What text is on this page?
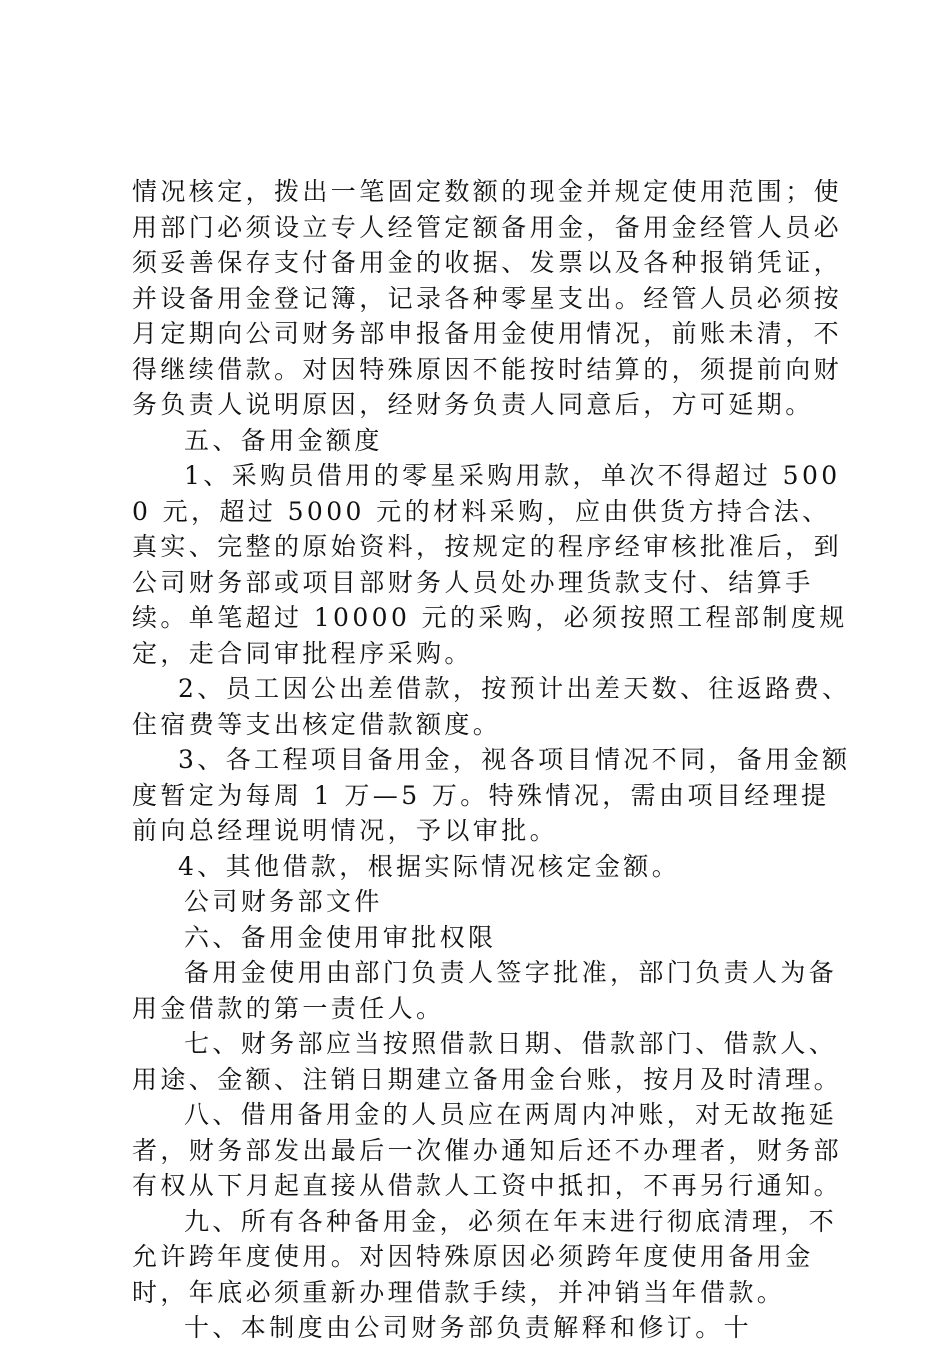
情况核定，拨出一笔固定数额的现金并规定使用范围；使用部门必须设立专人经管定额备用金，备用金经管人员必须妥善保存支付备用金的收据、发票以及各种报销凭证，并设备用金登记簿，记录各种零星支出。经管人员必须按月定期向公司财务部申报备用金使用情况，前账未清，不得继续借款。对因特殊原因不能按时结算的，须提前向财务负责人说明原因，经财务负责人同意后，方可延期。

五、备用金额度

1、采购员借用的零星采购用款，单次不得超过 5000 元，超过 5000 元的材料采购，应由供货方持合法、真实、完整的原始资料，按规定的程序经审核批准后，到公司财务部或项目部财务人员处办理货款支付、结算手续。单笔超过 10000 元的采购，必须按照工程部制度规定，走合同审批程序采购。

2、员工因公出差借款，按预计出差天数、往返路费、住宿费等支出核定借款额度。

3、各工程项目备用金，视各项目情况不同，备用金额度暂定为每周 1 万—5 万。特殊情况，需由项目经理提前向总经理说明情况，予以审批。

4、其他借款，根据实际情况核定金额。

公司财务部文件

六、备用金使用审批权限

备用金使用由部门负责人签字批准，部门负责人为备用金借款的第一责任人。

七、财务部应当按照借款日期、借款部门、借款人、用途、金额、注销日期建立备用金台账，按月及时清理。

八、借用备用金的人员应在两周内冲账，对无故拖延者，财务部发出最后一次催办通知后还不办理者，财务部有权从下月起直接从借款人工资中抵扣，不再另行通知。

九、所有各种备用金，必须在年末进行彻底清理，不允许跨年度使用。对因特殊原因必须跨年度使用备用金时，年底必须重新办理借款手续，并冲销当年借款。

十、本制度由公司财务部负责解释和修订。十
